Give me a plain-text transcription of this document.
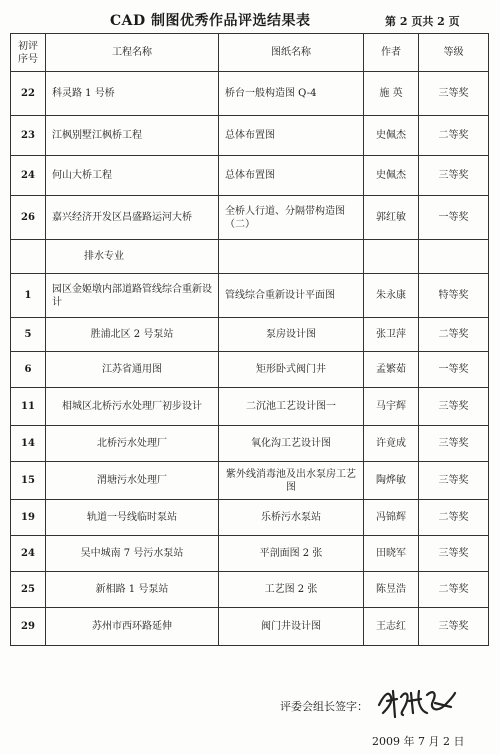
CAD 制图优秀作品评选结果表	第 2 页共 2 页
初评
序号	工程名称	图纸名称	作者	等级
22	科灵路 1 号桥	桥台一般构造图 Q-4	施 英	三等奖
23	江枫别墅江枫桥工程	总体布置图	史佩杰	二等奖
24	何山大桥工程	总体布置图	史佩杰	三等奖
26	嘉兴经济开发区昌盛路运河大桥	全桥人行道、分隔带构造图（二）	郭红敏	一等奖
	排水专业			
1	园区金姬墩内部道路管线综合重新设计	管线综合重新设计平面图	朱永康	特等奖
5	胜浦北区 2 号泵站	泵房设计图	张卫萍	二等奖
6	江苏省通用图	矩形卧式阀门井	孟繁茹	一等奖
11	相城区北桥污水处理厂初步设计	二沉池工艺设计图一	马宇辉	三等奖
14	北桥污水处理厂	氧化沟工艺设计图	许竟成	三等奖
15	渭塘污水处理厂	紫外线消毒池及出水泵房工艺图	陶烨敏	三等奖
19	轨道一号线临时泵站	乐桥污水泵站	冯锦辉	二等奖
24	吴中城南 7 号污水泵站	平剖面图 2 张	田晓军	三等奖
25	新相路 1 号泵站	工艺图 2 张	陈昱浩	二等奖
29	苏州市西环路延伸	阀门井设计图	王志红	三等奖
评委会组长签字：
2009 年 7 月 2 日
